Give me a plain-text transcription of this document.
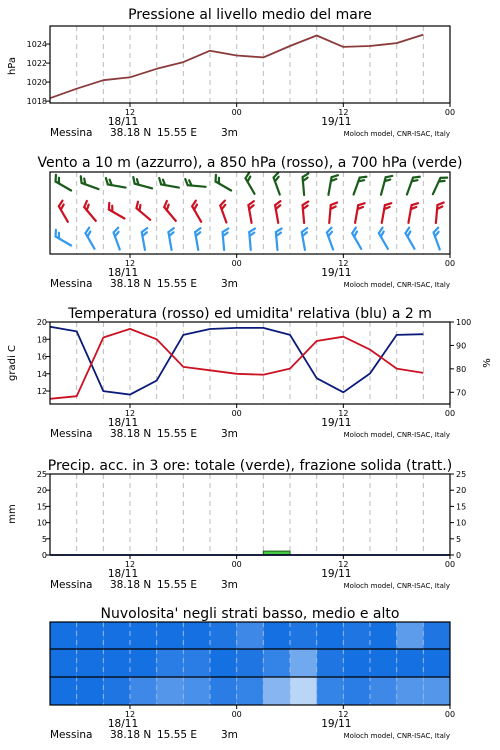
Pressione al livello medio del mare
hPa
1018
1020
1022
1024
12	00	12	00
18/11	19/11
Messina 38.18 N 15.55 E 3m	Moloch model, CNR-ISAC, Italy
Vento a 10 m (azzurro), a 850 hPa (rosso), a 700 hPa (verde)
12	00	12	00
18/11	19/11
Messina 38.18 N 15.55 E 3m	Moloch model, CNR-ISAC, Italy
Temperatura (rosso) ed umidita' relativa (blu) a 2 m
gradi C	%
12
14
16
18
20
70
80
90
100
12	00	12	00
18/11	19/11
Messina 38.18 N 15.55 E 3m	Moloch model, CNR-ISAC, Italy
Precip. acc. in 3 ore: totale (verde), frazione solida (tratt.)
mm
0
5
10
15
20
25
0
5
10
15
20
25
12	00	12	00
18/11	19/11
Messina 38.18 N 15.55 E 3m	Moloch model, CNR-ISAC, Italy
Nuvolosita' negli strati basso, medio e alto
12	00	12	00
18/11	19/11
Messina 38.18 N 15.55 E 3m	Moloch model, CNR-ISAC, Italy
